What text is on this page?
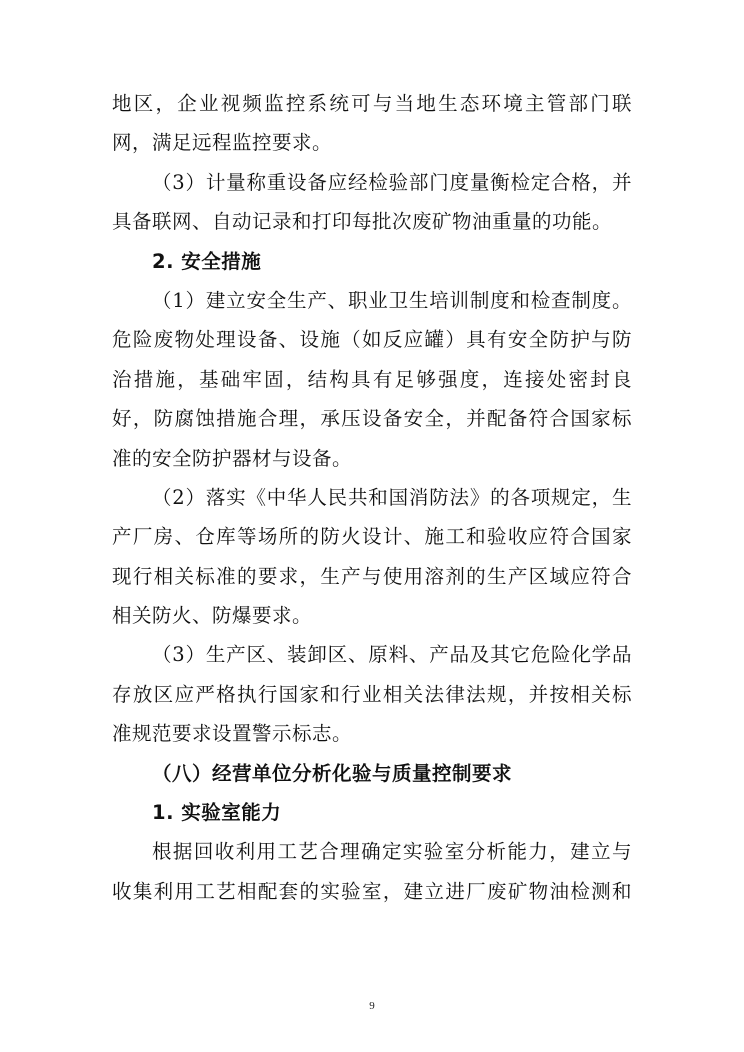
地区，企业视频监控系统可与当地生态环境主管部门联
网，满足远程监控要求。
（3）计量称重设备应经检验部门度量衡检定合格，并
具备联网、自动记录和打印每批次废矿物油重量的功能。
2. 安全措施
（1）建立安全生产、职业卫生培训制度和检查制度。
危险废物处理设备、设施（如反应罐）具有安全防护与防
治措施，基础牢固，结构具有足够强度，连接处密封良
好，防腐蚀措施合理，承压设备安全，并配备符合国家标
准的安全防护器材与设备。
（2）落实《中华人民共和国消防法》的各项规定，生
产厂房、仓库等场所的防火设计、施工和验收应符合国家
现行相关标准的要求，生产与使用溶剂的生产区域应符合
相关防火、防爆要求。
（3）生产区、装卸区、原料、产品及其它危险化学品
存放区应严格执行国家和行业相关法律法规，并按相关标
准规范要求设置警示标志。
（八）经营单位分析化验与质量控制要求
1. 实验室能力
根据回收利用工艺合理确定实验室分析能力，建立与
收集利用工艺相配套的实验室，建立进厂废矿物油检测和
9
